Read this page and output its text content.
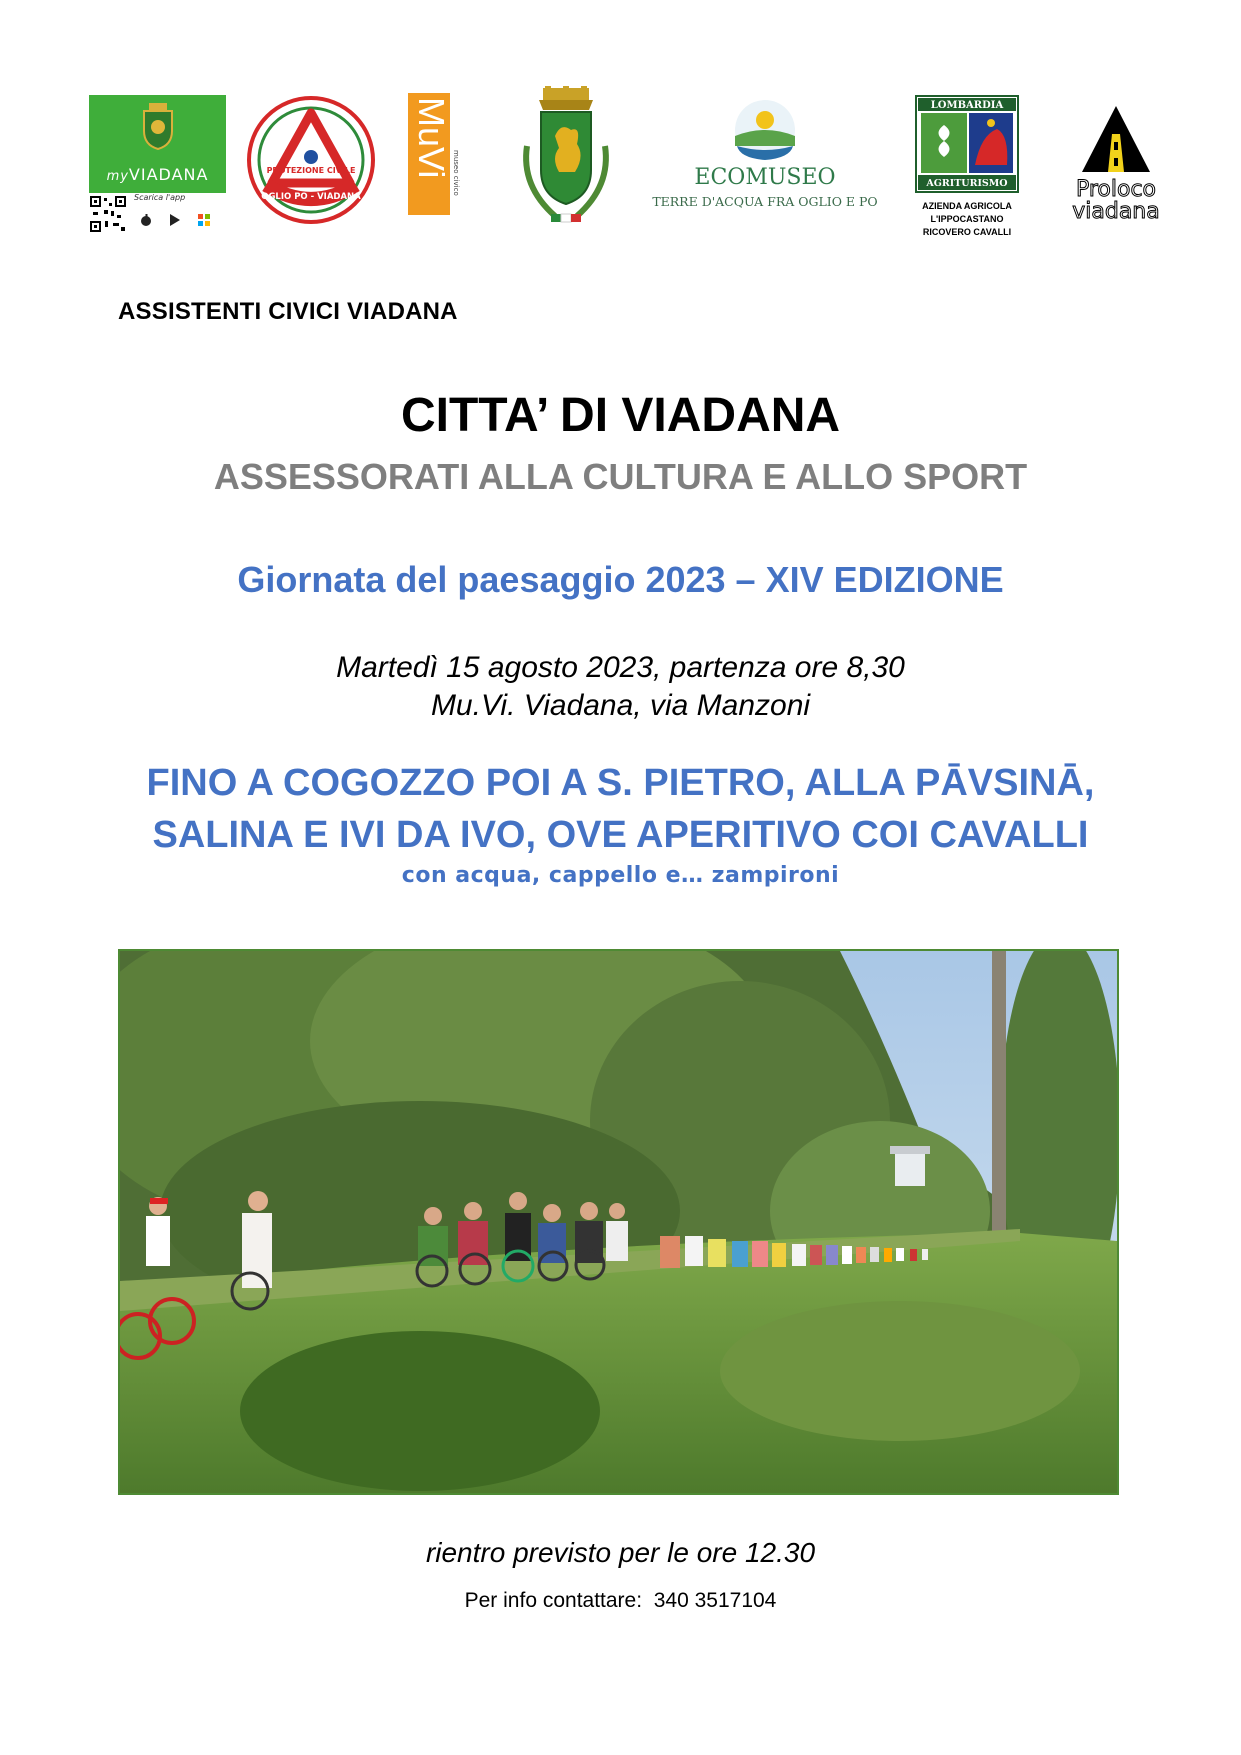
myVIADANA
Scarica l'app
PROTEZIONE CIVILE
OGLIO PO - VIADANA
MuVi museo civico	ECOMUSEO
TERRE D'ACQUA FRA OGLIO E PO
LOMBARDIA
AGRITURISMO
AZIENDA AGRICOLA
L'IPPOCASTANO
RICOVERO CAVALLI
Proloco
viadana
ASSISTENTI CIVICI VIADANA
CITTA’ DI VIADANA
ASSESSORATI ALLA CULTURA E ALLO SPORT
Giornata del paesaggio 2023 – XIV EDIZIONE
Martedì 15 agosto 2023, partenza ore 8,30
Mu.Vi. Viadana, via Manzoni
FINO A COGOZZO POI A S. PIETRO, ALLA PĀVSINĀ,
SALINA E IVI DA IVO, OVE APERITIVO COI CAVALLI
con acqua, cappello e… zampironi
rientro previsto per le ore 12.30
Per info contattare:  340 3517104
